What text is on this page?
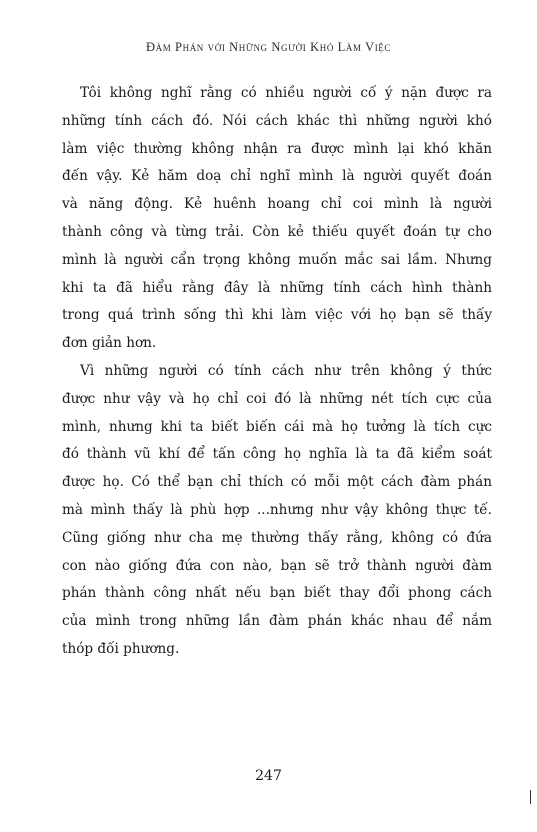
Đàm Phán với Những Người Khó Làm Việc

Tôi không nghĩ rằng có nhiều người cố ý nặn được ra
những tính cách đó. Nói cách khác thì những người khó
làm việc thường không nhận ra được mình lại khó khăn
đến vậy. Kẻ hăm doạ chỉ nghĩ mình là người quyết đoán
và năng động. Kẻ huênh hoang chỉ coi mình là người
thành công và từng trải. Còn kẻ thiếu quyết đoán tự cho
mình là người cẩn trọng không muốn mắc sai lầm. Nhưng
khi ta đã hiểu rằng đây là những tính cách hình thành
trong quá trình sống thì khi làm việc với họ bạn sẽ thấy
đơn giản hơn.

Vì những người có tính cách như trên không ý thức
được như vậy và họ chỉ coi đó là những nét tích cực của
mình, nhưng khi ta biết biến cái mà họ tưởng là tích cực
đó thành vũ khí để tấn công họ nghĩa là ta đã kiểm soát
được họ. Có thể bạn chỉ thích có mỗi một cách đàm phán
mà mình thấy là phù hợp ...nhưng như vậy không thực tế.
Cũng giống như cha mẹ thường thấy rằng, không có đứa
con nào giống đứa con nào, bạn sẽ trở thành người đàm
phán thành công nhất nếu bạn biết thay đổi phong cách
của mình trong những lần đàm phán khác nhau để nắm
thóp đối phương.

247
